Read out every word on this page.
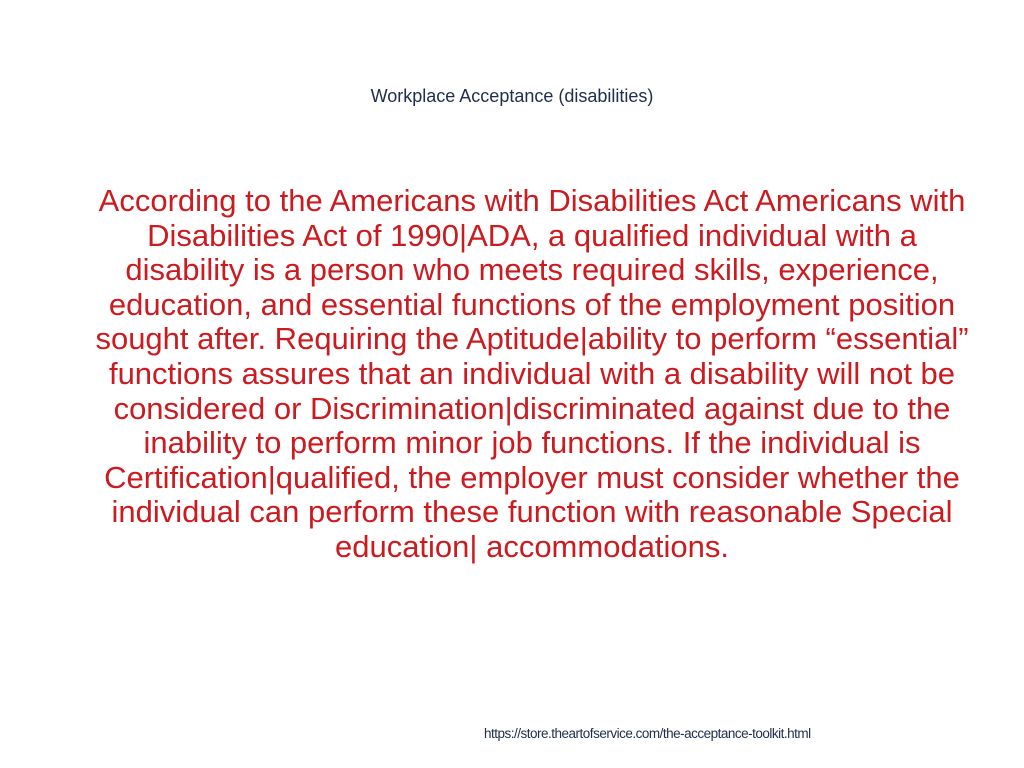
Workplace Acceptance (disabilities)
According to the Americans with Disabilities Act Americans with Disabilities Act of 1990|ADA, a qualified individual with a disability is a person who meets required skills, experience, education, and essential functions of the employment position sought after. Requiring the Aptitude|ability to perform “essential” functions assures that an individual with a disability will not be considered or Discrimination|discriminated against due to the inability to perform minor job functions. If the individual is Certification|qualified, the employer must consider whether the individual can perform these function with reasonable Special education| accommodations.
https://store.theartofservice.com/the-acceptance-toolkit.html
